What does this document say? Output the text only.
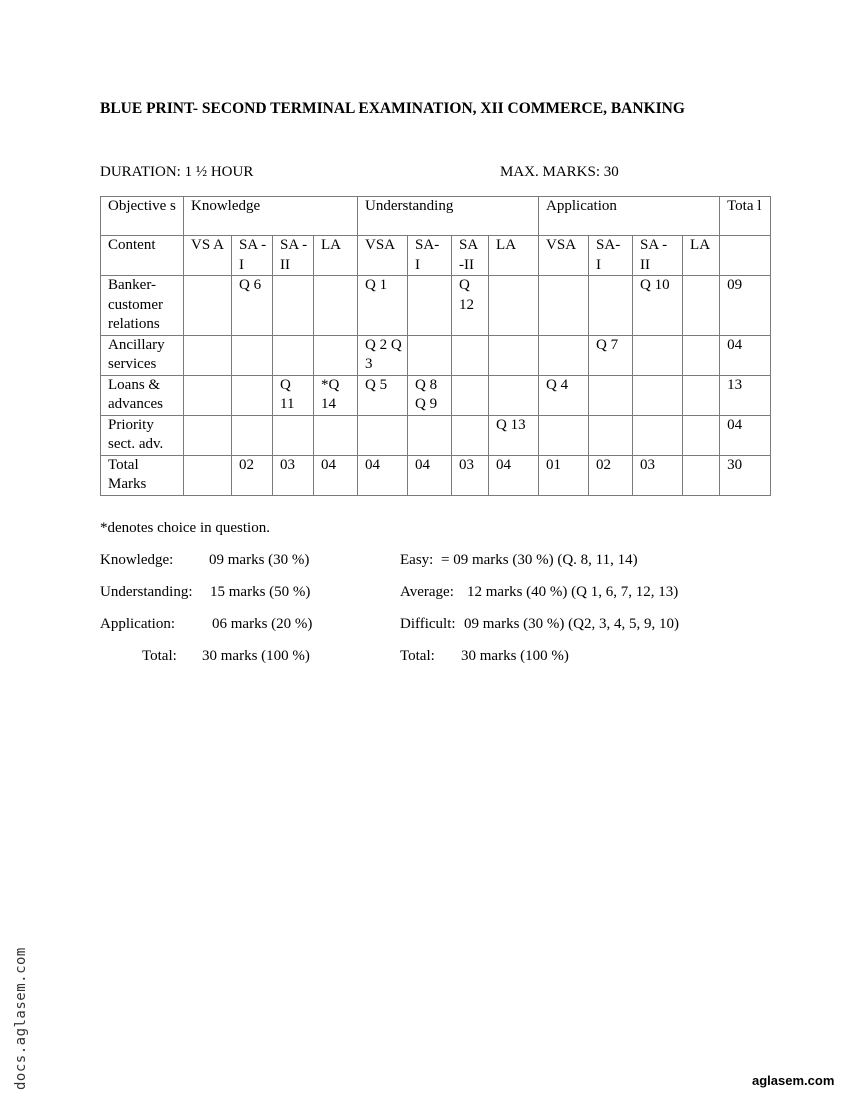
BLUE PRINT- SECOND TERMINAL EXAMINATION, XII COMMERCE, BANKING
DURATION: 1 ½ HOUR	MAX. MARKS: 30
Objective s	Knowledge				Understanding				Application				Tota l
Content	VS A	SA -I	SA -II	LA	VSA	SA- I	SA -II	LA	VSA	SA- I	SA - II	LA	
Banker- customer relations		Q 6			Q 1		Q 12				Q 10		09
Ancillary services					Q 2 Q 3					Q 7			04
Loans & advances			Q 11	*Q 14	Q 5	Q 8 Q 9			Q 4				13
Priority sect. adv.								Q 13					04
Total Marks		02	03	04	04	04	03	04	01	02	03		30
*denotes choice in question.
Knowledge: 09 marks (30 %)
Understanding: 15 marks (50 %)
Application: 06 marks (20 %)
Total: 30 marks (100 %)
Easy: = 09 marks (30 %) (Q. 8, 11, 14)
Average: 12 marks (40 %) (Q 1, 6, 7, 12, 13)
Difficult: 09 marks (30 %) (Q2, 3, 4, 5, 9, 10)
Total: 30 marks (100 %)
docs.aglasem.com	aglasem.com
